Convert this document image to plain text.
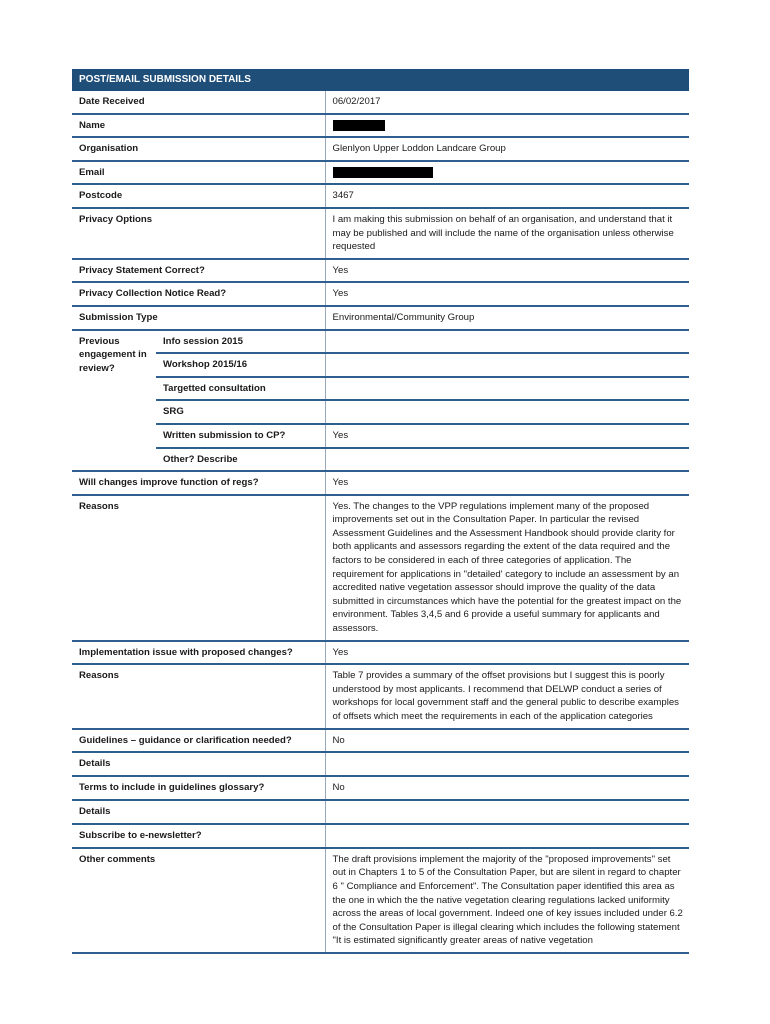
POST/EMAIL SUBMISSION DETAILS
Date Received		06/02/2017
Name		
Organisation		Glenlyon Upper Loddon Landcare Group
Email		
Postcode		3467
Privacy Options		I am making this submission on behalf of an organisation, and understand that it may be published and will include the name of the organisation unless otherwise requested
Privacy Statement Correct?		Yes
Privacy Collection Notice Read?		Yes
Submission Type		Environmental/Community Group
Previous engagement in review?	Info session 2015	
	Workshop 2015/16	
	Targetted consultation	
	SRG	
	Written submission to CP?	Yes
	Other? Describe	
Will changes improve function of regs?		Yes
Reasons		Yes. The changes to the VPP regulations implement many of the proposed improvements set out in the Consultation Paper. In particular the revised Assessment Guidelines and the Assessment Handbook should provide clarity for both applicants and assessors regarding the extent of the data required and the factors to be considered in each of three categories of application. The requirement for applications in "detailed' category to include an assessment by an accredited native vegetation assessor should improve the quality of the data submitted in circumstances which have the potential for the greatest impact on the environment. Tables 3,4,5 and 6 provide a useful summary for applicants and assessors.
Implementation issue with proposed changes?		Yes
Reasons		Table 7 provides a summary of the offset provisions but I suggest this is poorly understood by most applicants. I recommend that DELWP conduct a series of workshops for local government staff and the general public to describe examples of offsets which meet the requirements in each of the application categories
Guidelines – guidance or clarification needed?		No
Details		
Terms to include in guidelines glossary?		No
Details		
Subscribe to e-newsletter?		
Other comments		The draft provisions implement the majority of the "proposed improvements" set out in Chapters 1 to 5 of the Consultation Paper, but are silent in regard to chapter 6 " Compliance and Enforcement". The Consultation paper identified this area as the one in which the the native vegetation clearing regulations lacked uniformity across the areas of local government. Indeed one of key issues included under 6.2 of the Consultation Paper is illegal clearing which includes the following statement "It is estimated significantly greater areas of native vegetation
